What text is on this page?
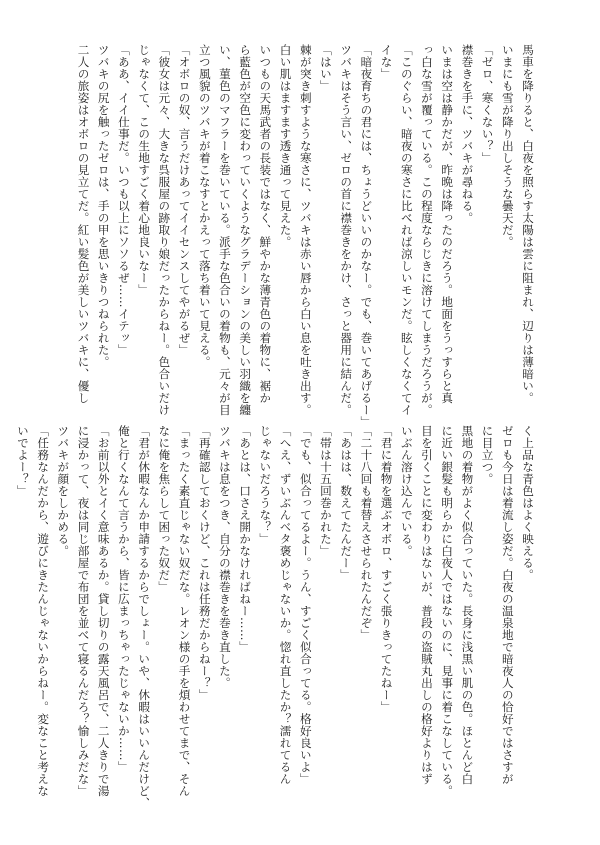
馬車を降りると、白夜を照らす太陽は雲に阻まれ、辺りは薄暗い。
いまにも雪が降り出しそうな曇天だ。
「ゼロ、寒くない？」
襟巻きを手に、ツバキが尋ねる。
いまは空は静かだが、昨晩は降ったのだろう。地面をうっすらと真
っ白な雪が覆っている。この程度ならじきに溶けてしまうだろうが。
「このぐらい、暗夜の寒さに比べれば涼しいモンだ。眩しくなくてイ
イな」
「暗夜育ちの君には、ちょうどいいのかなー。でも、巻いてあげるー」
ツバキはそう言い、ゼロの首に襟巻きをかけ、さっと器用に結んだ。
「はい」
棘が突き刺すような寒さに、ツバキは赤い唇から白い息を吐き出す。
白い肌はますます透き通って見えた。
いつもの天馬武者の長装ではなく、鮮やかな薄青色の着物に、裾か
ら藍色が空色に変わっていくようなグラデーションの美しい羽織を纏
い、菫色のマフラーを巻いている。派手な色合いの着物も、元々が目
立つ風貌のツバキが着こなすとかえって落ち着いて見える。
「オボロの奴、言うだけあってイイセンスしてやがるぜ」
「彼女は元々、大きな呉服屋の跡取り娘だったからねー。色合いだけ
じゃなくて、この生地すごく着心地良いなー」
「ああ、イイ仕事だ。いつも以上にソソるぜ……イテッ」
ツバキの尻を触ったゼロは、手の甲を思いきりつねられた。
二人の旅姿はオボロの見立てだ。紅い髪色が美しいツバキに、優し
く上品な青色はよく映える。
ゼロも今日は着流し姿だ。白夜の温泉地で暗夜人の恰好ではさすが
に目立つ。
黒地の着物がよく似合っていた。長身に浅黒い肌の色。ほとんど白
に近い銀髪も明らかに白夜人ではないのに、見事に着こなしている。
目を引くことに変わりはないが、普段の盗賊丸出しの格好よりはず
いぶん溶け込んでいる。
「君に着物を選ぶオボロ、すごく張りきってたねー」
「二十八回も着替えさせられたんだぞ」
「あはは、数えてたんだー」
「帯は十五回巻かれた」
「でも、似合ってるよー。うん、すごく似合ってる。格好良いよ」
「へえ、ずいぶんベタ褒めじゃないか。惚れ直したか？濡れてるん
じゃないだろうな？」
「あとは、口さえ開かなければねー……」
ツバキは息をつき、自分の襟巻きを巻き直した。
「再確認しておくけど、これは任務だからねー？」
「まったく素直じゃない奴だな。レオン様の手を煩わせてまで、そん
なに俺を焦らして困った奴だ」
「君が休暇なんか申請するからでしょー。いや、休暇はいいんだけど、
俺と行くなんて言うから、皆に広まっちゃったじゃないか……」
「お前以外とイく意味あるか。貸し切りの露天風呂で、二人きりで湯
に浸かって、夜は同じ部屋で布団を並べて寝るんだろ？愉しみだな」
ツバキが顔をしかめる。
「任務なんだから、遊びにきたんじゃないからねー。変なこと考えな
いでよー？」
